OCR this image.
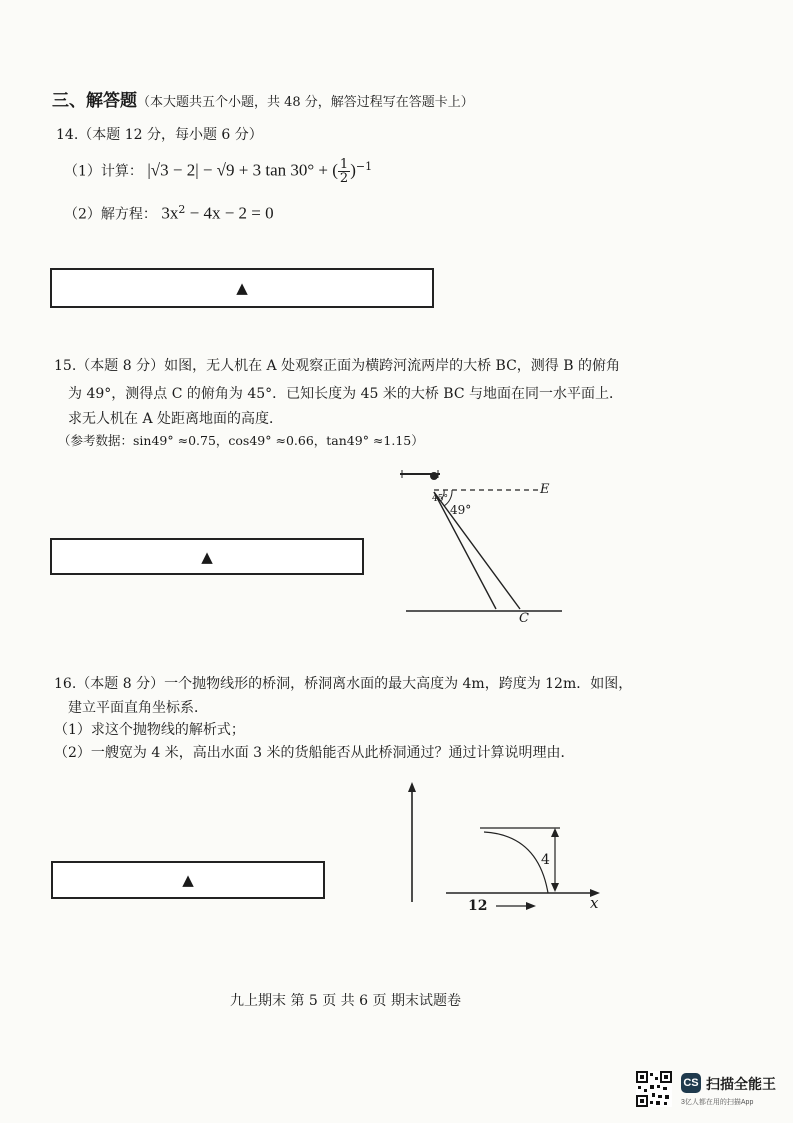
三、解答题（本大题共五个小题，共 48 分，解答过程写在答题卡上）
14.（本题 12 分，每小题 6 分）
（1）计算： |√3 − 2| − √9 + 3 tan 30° + ( $\frac{1}{2} )^{-1}$
（2）解方程： $3x^2 - 4x - 2 = 0$
▲
15.（本题 8 分）如图，无人机在 A 处观察正面为横跨河流两岸的大桥 BC，测得 B 的俯角
为 49°，测得点 C 的俯角为 45°．已知长度为 45 米的大桥 BC 与地面在同一水平面上．
求无人机在 A 处距离地面的高度．
（参考数据：sin49° ≈0.75，cos49° ≈0.66，tan49° ≈1.15）
▲
E
45°
49°
C
16.（本题 8 分）一个抛物线形的桥洞，桥洞离水面的最大高度为 4m，跨度为 12m．如图，
建立平面直角坐标系．
（1）求这个抛物线的解析式；
（2）一艘宽为 4 米，高出水面 3 米的货船能否从此桥洞通过？通过计算说明理由．
▲
4
12	x
九上期末 第 5 页 共 6 页 期末试题卷
CS 扫描全能王
3亿人都在用的扫描App
